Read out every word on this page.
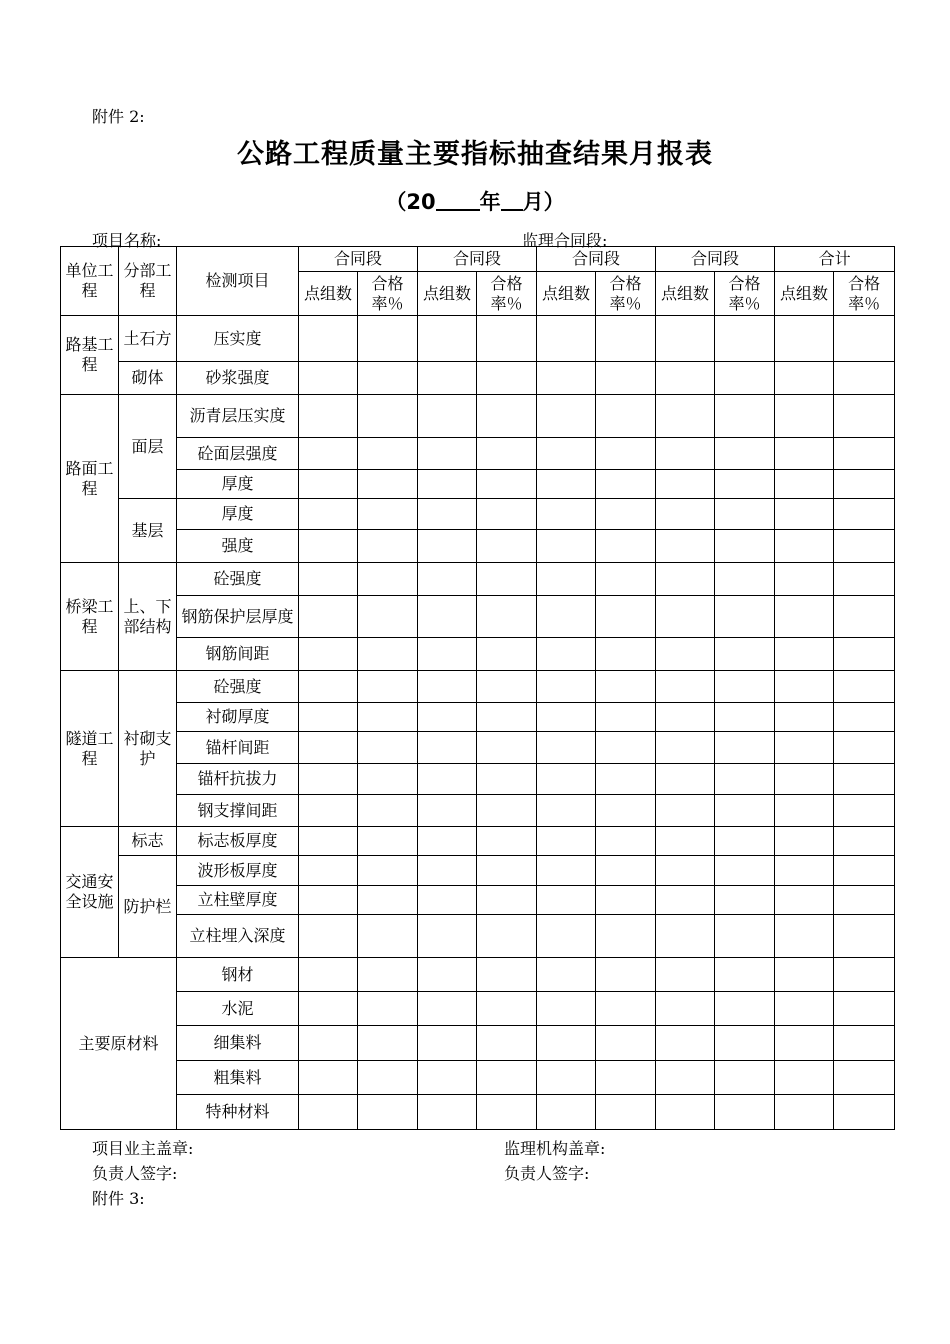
附件 2:
公路工程质量主要指标抽查结果月报表
（20 年 月）
项目名称:	监理合同段:
单位工程	分部工程	检测项目	合同段		合同段		合同段		合同段		合计	
			点组数	合格率％	点组数	合格率％	点组数	合格率％	点组数	合格率％	点组数	合格率％
路基工程	土石方	压实度										
	砌体	砂浆强度										
路面工程	面层	沥青层压实度										
		砼面层强度										
		厚度										
	基层	厚度										
		强度										
桥梁工程	上、下部结构	砼强度										
		钢筋保护层厚度										
		钢筋间距										
隧道工程	衬砌支护	砼强度										
		衬砌厚度										
		锚杆间距										
		锚杆抗拔力										
		钢支撑间距										
交通安全设施	标志	标志板厚度										
	防护栏	波形板厚度										
		立柱壁厚度										
		立柱埋入深度										
主要原材料		钢材										
		水泥										
		细集料										
		粗集料										
		特种材料										
项目业主盖章:
负责人签字:
监理机构盖章:
负责人签字:
附件 3:
